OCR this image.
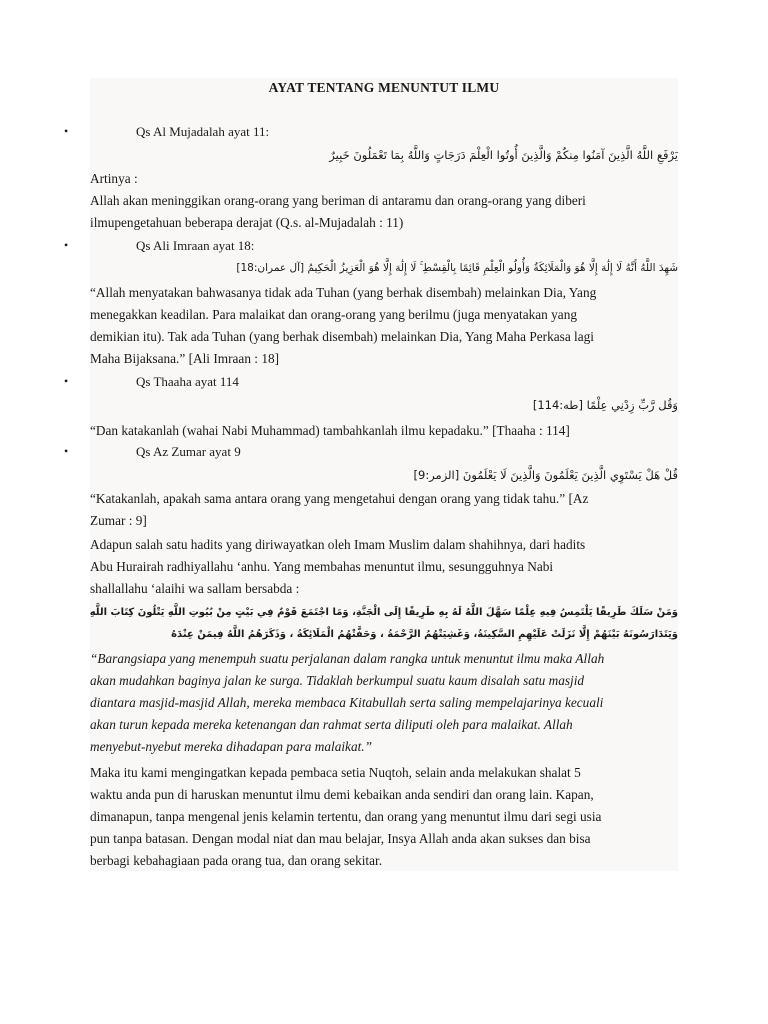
AYAT TENTANG MENUNTUT ILMU
•	Qs Al Mujadalah ayat 11:
يَرْفَعِ اللَّهُ الَّذِينَ آمَنُوا مِنكُمْ وَالَّذِينَ أُوتُوا الْعِلْمَ دَرَجَاتٍ وَاللَّهُ بِمَا تَعْمَلُونَ خَبِيرٌ
Artinya :
Allah akan meninggikan orang-orang yang beriman di antaramu dan orang-orang yang diberi
ilmupengetahuan beberapa derajat (Q.s. al-Mujadalah : 11)
•	Qs Ali Imraan ayat 18:
شَهِدَ اللَّهُ أَنَّهُ لَا إِلَٰهَ إِلَّا هُوَ وَالْمَلَائِكَةُ وَأُولُو الْعِلْمِ قَائِمًا بِالْقِسْطِ ۚ لَا إِلَٰهَ إِلَّا هُوَ الْعَزِيزُ الْحَكِيمُ [آل عمران:18]
“Allah menyatakan bahwasanya tidak ada Tuhan (yang berhak disembah) melainkan Dia, Yang
menegakkan keadilan. Para malaikat dan orang-orang yang berilmu (juga menyatakan yang
demikian itu). Tak ada Tuhan (yang berhak disembah) melainkan Dia, Yang Maha Perkasa lagi
Maha Bijaksana.” [Ali Imraan : 18]
•	Qs Thaaha ayat 114
وَقُل رَّبِّ زِدْنِي عِلْمًا [طه:114]
“Dan katakanlah (wahai Nabi Muhammad) tambahkanlah ilmu kepadaku.” [Thaaha : 114]
•	Qs Az Zumar ayat 9
قُلْ هَلْ يَسْتَوِي الَّذِينَ يَعْلَمُونَ وَالَّذِينَ لَا يَعْلَمُونَ [الزمر:9]
“Katakanlah, apakah sama antara orang yang mengetahui dengan orang yang tidak tahu.” [Az
Zumar : 9]
Adapun salah satu hadits yang diriwayatkan oleh Imam Muslim dalam shahihnya, dari hadits
Abu Hurairah radhiyallahu ‘anhu. Yang membahas menuntut ilmu, sesungguhnya Nabi
shallallahu ‘alaihi wa sallam bersabda :
وَمَنْ سَلَكَ طَرِيقًا يَلْتَمِسُ فِيهِ عِلْمًا سَهَّلَ اللَّهُ لَهُ بِهِ طَرِيقًا إِلَى الْجَنَّةِ، وَمَا اجْتَمَعَ قَوْمٌ فِي بَيْتٍ مِنْ بُيُوتِ اللَّهِ يَتْلُونَ كِتَابَ اللَّهِ
وَيَتَدَارَسُونَهُ بَيْنَهُمْ إِلَّا نَزَلَتْ عَلَيْهِمِ السَّكِينَةُ، وَغَشِيَتْهُمُ الرَّحْمَةُ ، وَحَفَّتْهُمُ الْمَلَائِكَةُ ، وَذَكَرَهُمُ اللَّهُ فِيمَنْ عِنْدَهُ
“Barangsiapa yang menempuh suatu perjalanan dalam rangka untuk menuntut ilmu maka Allah
akan mudahkan baginya jalan ke surga. Tidaklah berkumpul suatu kaum disalah satu masjid
diantara masjid-masjid Allah, mereka membaca Kitabullah serta saling mempelajarinya kecuali
akan turun kepada mereka ketenangan dan rahmat serta diliputi oleh para malaikat. Allah
menyebut-nyebut mereka dihadapan para malaikat.”
Maka itu kami mengingatkan kepada pembaca setia Nuqtoh, selain anda melakukan shalat 5
waktu anda pun di haruskan menuntut ilmu demi kebaikan anda sendiri dan orang lain. Kapan,
dimanapun, tanpa mengenal jenis kelamin tertentu, dan orang yang menuntut ilmu dari segi usia
pun tanpa batasan. Dengan modal niat dan mau belajar, Insya Allah anda akan sukses dan bisa
berbagi kebahagiaan pada orang tua, dan orang sekitar.
